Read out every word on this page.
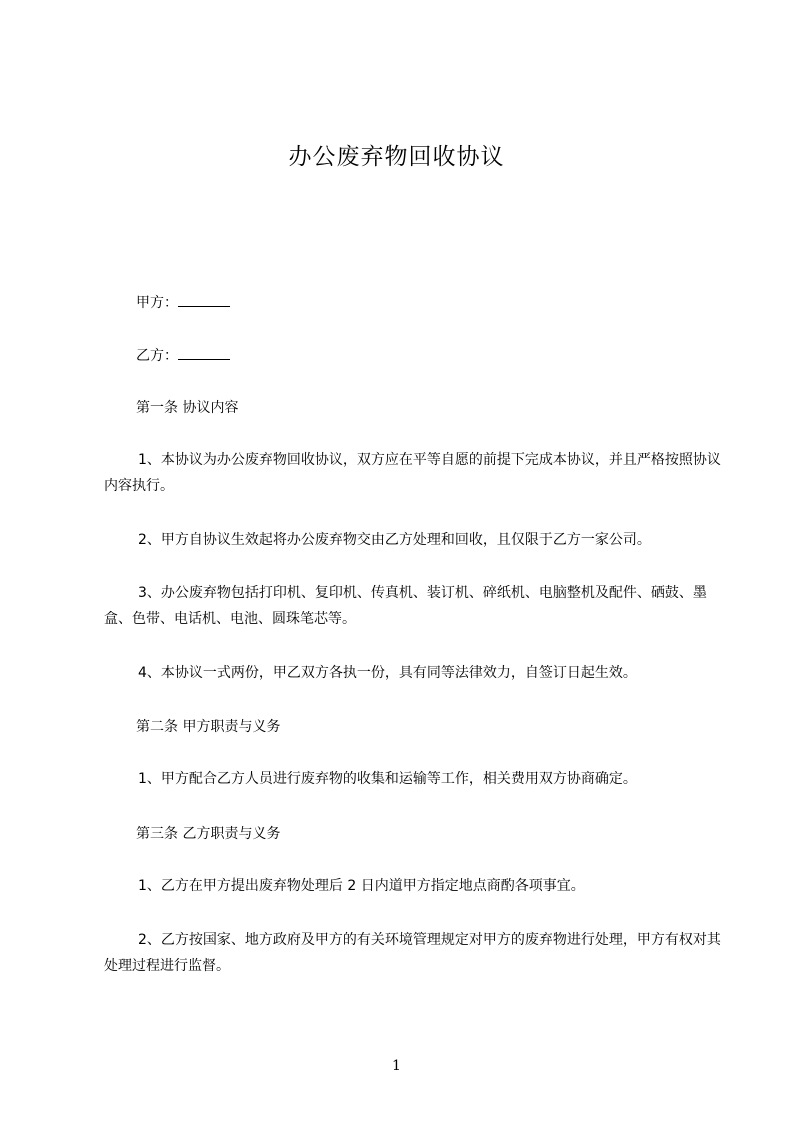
办公废弃物回收协议
甲方：
乙方：
第一条 协议内容
1、本协议为办公废弃物回收协议，双方应在平等自愿的前提下完成本协议，并且严格按照协议内容执行。
2、甲方自协议生效起将办公废弃物交由乙方处理和回收，且仅限于乙方一家公司。
3、办公废弃物包括打印机、复印机、传真机、装订机、碎纸机、电脑整机及配件、硒鼓、墨盒、色带、电话机、电池、圆珠笔芯等。
4、本协议一式两份，甲乙双方各执一份，具有同等法律效力，自签订日起生效。
第二条 甲方职责与义务
1、甲方配合乙方人员进行废弃物的收集和运输等工作，相关费用双方协商确定。
第三条 乙方职责与义务
1、乙方在甲方提出废弃物处理后 2 日内道甲方指定地点商酌各项事宜。
2、乙方按国家、地方政府及甲方的有关环境管理规定对甲方的废弃物进行处理，甲方有权对其处理过程进行监督。
1
